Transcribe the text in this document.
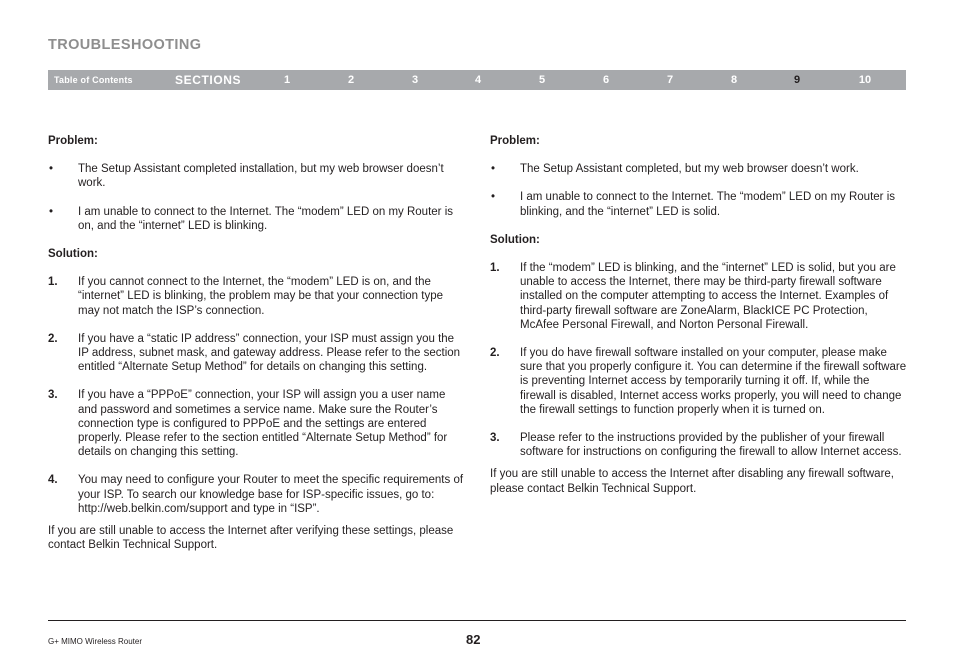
TROUBLESHOOTING
Table of Contents	SECTIONS	1	2	3	4	5	6	7	8	9	10

Problem:

• The Setup Assistant completed installation, but my web browser doesn’t work.
• I am unable to connect to the Internet. The “modem” LED on my Router is on, and the “internet” LED is blinking.

Solution:

1. If you cannot connect to the Internet, the “modem” LED is on, and the “internet” LED is blinking, the problem may be that your connection type may not match the ISP’s connection.
2. If you have a “static IP address” connection, your ISP must assign you the IP address, subnet mask, and gateway address. Please refer to the section entitled “Alternate Setup Method” for details on changing this setting.
3. If you have a “PPPoE” connection, your ISP will assign you a user name and password and sometimes a service name. Make sure the Router’s connection type is configured to PPPoE and the settings are entered properly. Please refer to the section entitled “Alternate Setup Method” for details on changing this setting.
4. You may need to configure your Router to meet the specific requirements of your ISP. To search our knowledge base for ISP-specific issues, go to: http://web.belkin.com/support and type in “ISP”.

If you are still unable to access the Internet after verifying these settings, please contact Belkin Technical Support.

Problem:

• The Setup Assistant completed, but my web browser doesn’t work.
• I am unable to connect to the Internet. The “modem” LED on my Router is blinking, and the “internet” LED is solid.

Solution:

1. If the “modem” LED is blinking, and the “internet” LED is solid, but you are unable to access the Internet, there may be third-party firewall software installed on the computer attempting to access the Internet. Examples of third-party firewall software are ZoneAlarm, BlackICE PC Protection, McAfee Personal Firewall, and Norton Personal Firewall.
2. If you do have firewall software installed on your computer, please make sure that you properly configure it. You can determine if the firewall software is preventing Internet access by temporarily turning it off. If, while the firewall is disabled, Internet access works properly, you will need to change the firewall settings to function properly when it is turned on.
3. Please refer to the instructions provided by the publisher of your firewall software for instructions on configuring the firewall to allow Internet access.

If you are still unable to access the Internet after disabling any firewall software, please contact Belkin Technical Support.

G+ MIMO Wireless Router	82
